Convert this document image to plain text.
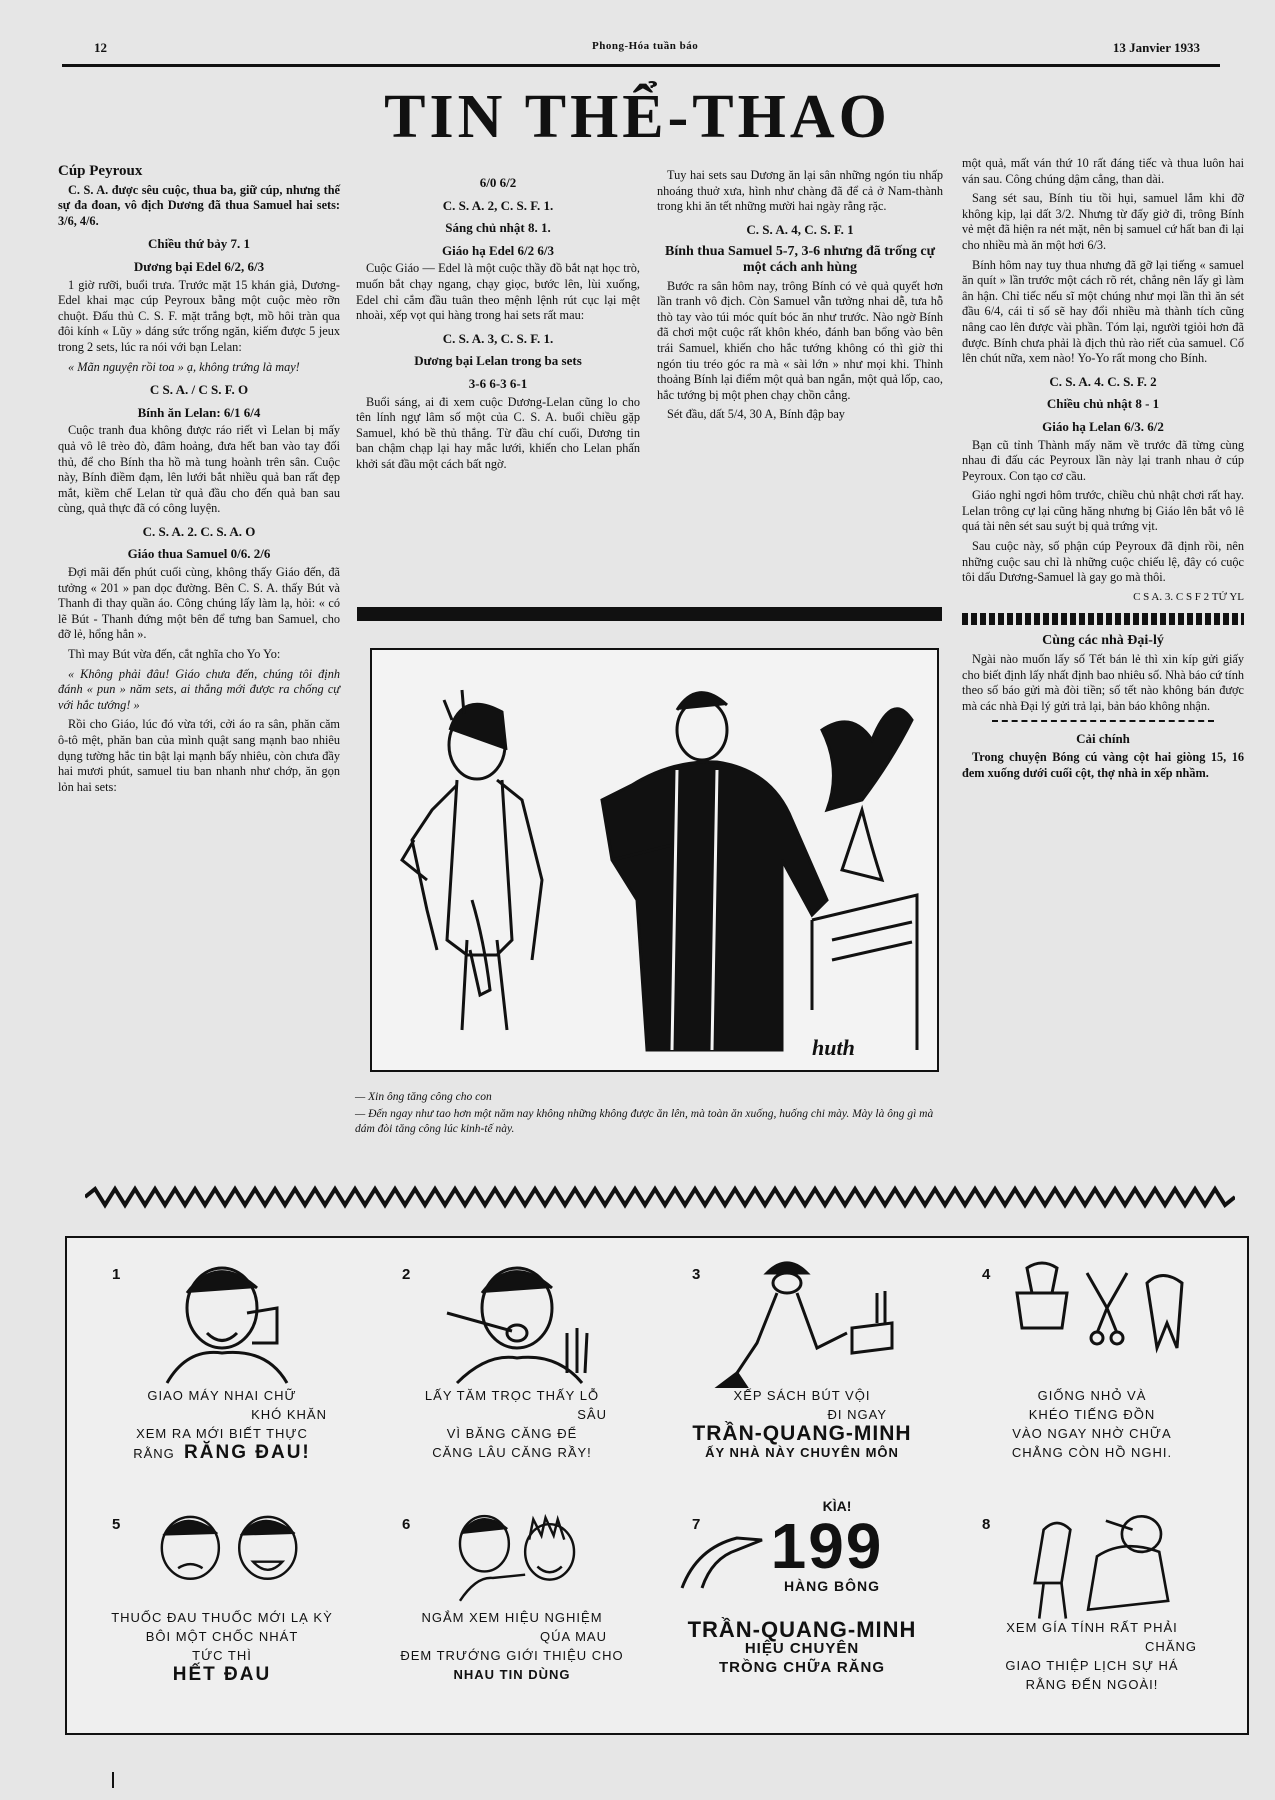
12	Phong-Hóa tuần báo	13 Janvier 1933
TIN THỂ-THAO
Cúp Peyroux

C. S. A. được sêu cuộc, thua ba, giữ cúp, nhưng thế sự đa đoan, vô địch Dương đã thua Samuel hai sets: 3/6, 4/6.

Chiều thứ bảy 7. 1
Dương bại Edel 6/2, 6/3

1 giờ rưỡi, buổi trưa. Trước mặt 15 khán giả, Dương-Edel khai mạc cúp Peyroux bằng một cuộc mèo rỡn chuột. Đấu thủ C. S. F. mặt trắng bợt, mồ hôi tràn qua đôi kính « Lũy » dáng sức trống ngăn, kiếm được 5 jeux trong 2 sets, lúc ra nói với bạn Lelan:

« Mãn nguyện rồi toa » ạ, không trứng là may!

C S. A. / C S. F. O
Bính ăn Lelan: 6/1 6/4

Cuộc tranh đua không được ráo riết vì Lelan bị mấy quả vô lê trèo đò, đâm hoảng, đưa hết ban vào tay đối thủ, để cho Bính tha hồ mà tung hoành trên sân. Cuộc này, Bính điềm đạm, lên lưới bắt nhiều quả ban rất đẹp mắt, kiềm chế Lelan từ quả đầu cho đến quả ban sau cùng, quả thực đã có công luyện.

C. S. A. 2. C. S. A. O
Giáo thua Samuel 0/6. 2/6

Đợi mãi đến phút cuối cùng, không thấy Giáo đến, đã tưởng « 201 » pan dọc đường. Bên C. S. A. thấy Bút và Thanh đi thay quần áo. Công chúng lấy làm lạ, hỏi: « có lẽ Bút - Thanh đứng một bên để tưng ban Samuel, cho đỡ lẻ, hổng hẳn ».

Thì may Bút vừa đến, cắt nghĩa cho Yo Yo:

« Không phải đâu! Giáo chưa đến, chúng tôi định đánh « pun » năm sets, ai thắng mới được ra chống cự với hắc tướng! »

Rồi cho Giáo, lúc đó vừa tới, cởi áo ra sân, phăn căm ô-tô mệt, phăn ban của mình quật sang mạnh bao nhiêu dụng tường hắc tin bật lại mạnh bấy nhiêu, còn chưa đầy hai mươi phút, samuel tiu ban nhanh như chớp, ăn gọn lỏn hai sets:

6/0 6/2
C. S. A. 2, C. S. F. 1.
Sáng chủ nhật 8. 1.
Giáo hạ Edel 6/2 6/3

Cuộc Giáo — Edel là một cuộc thầy đồ bắt nạt học trò, muốn bắt chạy ngang, chạy giọc, bước lên, lùi xuống, Edel chỉ cắm đầu tuân theo mệnh lệnh rút cục lại mệt nhoài, xếp vọt qui hàng trong hai sets rất mau:

C. S. A. 3, C. S. F. 1.
Dương bại Lelan trong ba sets
3-6 6-3 6-1

Buổi sáng, ai đi xem cuộc Dương-Lelan cũng lo cho tên lính ngự lâm số một của C. S. A. buổi chiều gặp Samuel, khó bề thủ thắng. Từ đầu chí cuối, Dương tin ban chậm chạp lại hay mắc lưới, khiến cho Lelan phấn khởi sát đầu một cách bất ngờ.

Tuy hai sets sau Dương ăn lại sân những ngón tiu nhấp nhoáng thuở xưa, hình như chàng đã để cả ở Nam-thành trong khi ăn tết những mười hai ngày rằng rặc.

C. S. A. 4, C. S. F. 1
Bính thua Samuel 5-7, 3-6 nhưng đã trống cự một cách anh hùng

Bước ra sân hôm nay, trông Bính có vẻ quả quyết hơn lần tranh vô địch. Còn Samuel vẫn tưởng nhai dễ, tưa hỗ thò tay vào túi móc quít bóc ăn như trước. Nào ngờ Bính đã chơi một cuộc rất khôn khéo, đánh ban bổng vào bên trái Samuel, khiến cho hắc tướng không có thì giờ thi ngón tiu tréo góc ra mà « sài lớn » như mọi khi. Thỉnh thoảng Bính lại điểm một quả ban ngắn, một quả lốp, cao, hắc tướng bị một phen chạy chồn cẳng.

Sét đầu, dất 5/4, 30 A, Bính đập bay

một quả, mất ván thứ 10 rất đáng tiếc và thua luôn hai ván sau. Công chúng dậm cẳng, than dài.

Sang sét sau, Bính tiu tồi hụi, samuel lắm khi đỡ không kịp, lại dất 3/2. Nhưng từ đấy giở đi, trông Bính vẻ mệt đã hiện ra nét mặt, nên bị samuel cứ hất ban đi lại cho nhiều mà ăn một hơi 6/3.

Bính hôm nay tuy thua nhưng đã gỡ lại tiếng « samuel ăn quít » lần trước một cách rõ rét, chẳng nên lấy gì làm ân hận. Chỉ tiếc nếu sĩ một chúng như mọi lần thì ăn sét đầu 6/4, cái tỉ số sẽ hay đổi nhiều mà thành tích cũng nâng cao lên được vài phần. Tóm lại, người tgiỏi hơn đã được. Bính chưa phải là địch thủ rào riết của samuel. Cố lên chút nữa, xem nào! Yo-Yo rất mong cho Bính.

C. S. A. 4. C. S. F. 2
Chiều chủ nhật 8 - 1
Giáo hạ Lelan 6/3. 6/2

Bạn cũ tỉnh Thành mấy năm về trước đã từng cùng nhau đi đấu các Peyroux lần này lại tranh nhau ở cúp Peyroux. Con tạo cơ cầu.

Giáo nghỉ ngơi hôm trước, chiều chủ nhật chơi rất hay. Lelan trông cự lại cũng hăng nhưng bị Giáo lên bắt vô lê quá tài nên sét sau suýt bị quả trứng vịt.

Sau cuộc này, số phận cúp Peyroux đã định rồi, nên những cuộc sau chỉ là những cuộc chiếu lệ, đây có cuộc tôi dấu Dương-Samuel là gay go mà thôi.

C S A. 3. C S F 2 TỬ YL
Cùng các nhà Đại-lý

Ngài nào muốn lấy số Tết bán lẻ thì xin kíp gửi giấy cho biết định lấy nhất định bao nhiêu số. Nhà báo cứ tính theo số báo gửi mà đòi tiền; số tết nào không bán được mà các nhà Đại lý gửi trả lại, bản báo không nhận.

Cải chính

Trong chuyện Bóng cú vàng cột hai giòng 15, 16 đem xuống dưới cuối cột, thợ nhà in xếp nhầm.

huth
— Xin ông tăng công cho con
— Đến ngay như tao hơn một năm nay không những không được ăn lên, mà toàn ăn xuống, huống chi mày. Mày là ông gì mà dám đòi tăng công lúc kinh-tế này.
1
GIAO MÁY NHAI CHỮ
KHÓ KHĂN
XEM RA MỚI BIẾT THỰC
RẰNG RĂNG ĐAU!
2
LẤY TĂM TRỌC THẤY LỖ
SÂU
VÌ BĂNG CĂNG ĐỂ
CĂNG LÂU CĂNG RẦY!
3
XẾP SÁCH BÚT VỘI
ĐI NGAY
TRẦN-QUANG-MINH
ẤY NHÀ NÀY CHUYÊN MÔN
4
GIỐNG NHỎ VÀ
KHÉO TIẾNG ĐỒN
VÀO NGAY NHỜ CHỮA
CHẲNG CÒN HỒ NGHI.
5
THUỐC ĐAU THUỐC MỚI LẠ KỲ
BÔI MỘT CHỐC NHÁT
TỨC THÌ
HẾT ĐAU
6
NGẮM XEM HIỆU NGHIỆM
QÚA MAU
ĐEM TRƯỚNG GIỚI THIỆU CHO
NHAU TIN DÙNG
7
KÌA!
199
HÀNG BÔNG
TRẦN-QUANG-MINH
HIỆU CHUYÊN
TRỒNG CHỮA RĂNG
8
XEM GÍA TÍNH RẤT PHẢI
CHĂNG
GIAO THIỆP LỊCH SỰ HÁ
RẰNG ĐẾN NGOÀI!
